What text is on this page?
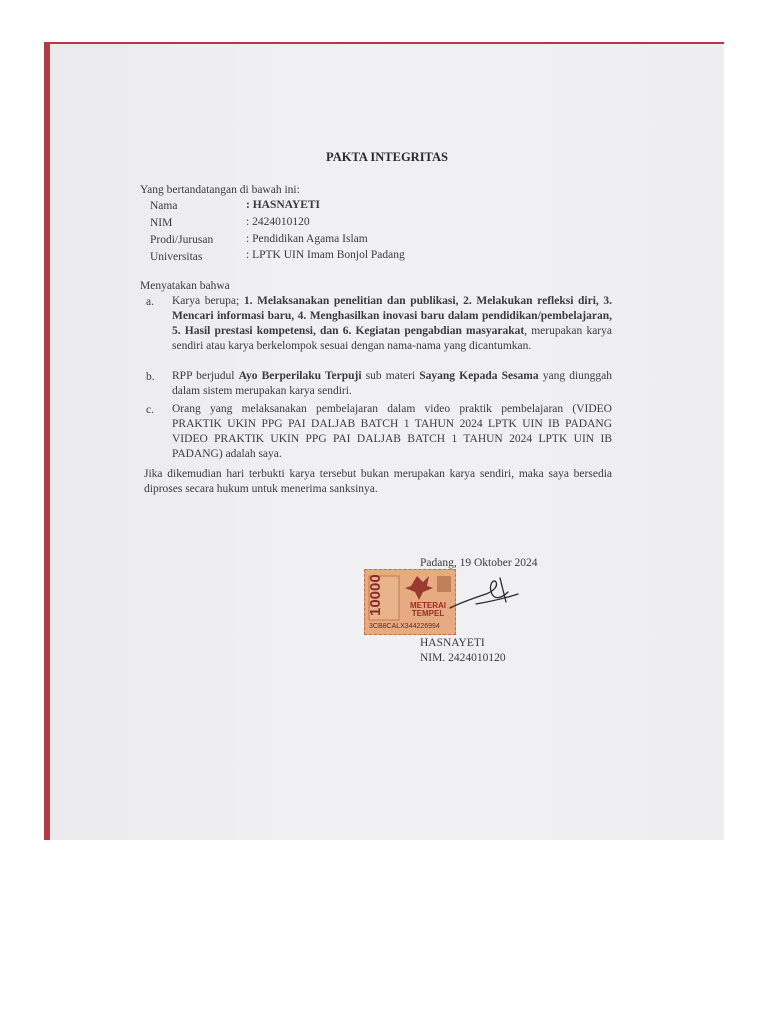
PAKTA INTEGRITAS
Yang bertandatangan di bawah ini:
Nama	: HASNAYETI
NIM	: 2424010120
Prodi/Jurusan	: Pendidikan Agama Islam
Universitas	: LPTK UIN Imam Bonjol Padang
Menyatakan bahwa
a. Karya berupa; 1. Melaksanakan penelitian dan publikasi, 2. Melakukan refleksi diri, 3. Mencari informasi baru, 4. Menghasilkan inovasi baru dalam pendidikan/pembelajaran, 5. Hasil prestasi kompetensi, dan 6. Kegiatan pengabdian masyarakat, merupakan karya sendiri atau karya berkelompok sesuai dengan nama-nama yang dicantumkan.
b. RPP berjudul Ayo Berperilaku Terpuji sub materi Sayang Kepada Sesama yang diunggah dalam sistem merupakan karya sendiri.
c. Orang yang melaksanakan pembelajaran dalam video praktik pembelajaran (VIDEO PRAKTIK UKIN PPG PAI DALJAB BATCH 1 TAHUN 2024 LPTK UIN IB PADANG VIDEO PRAKTIK UKIN PPG PAI DALJAB BATCH 1 TAHUN 2024 LPTK UIN IB PADANG) adalah saya.
Jika dikemudian hari terbukti karya tersebut bukan merupakan karya sendiri, maka saya bersedia diproses secara hukum untuk menerima sanksinya.
Padang, 19 Oktober 2024
10000	METERAI TEMPEL
3CB8CALX344226994
HASNAYETI
NIM. 2424010120
